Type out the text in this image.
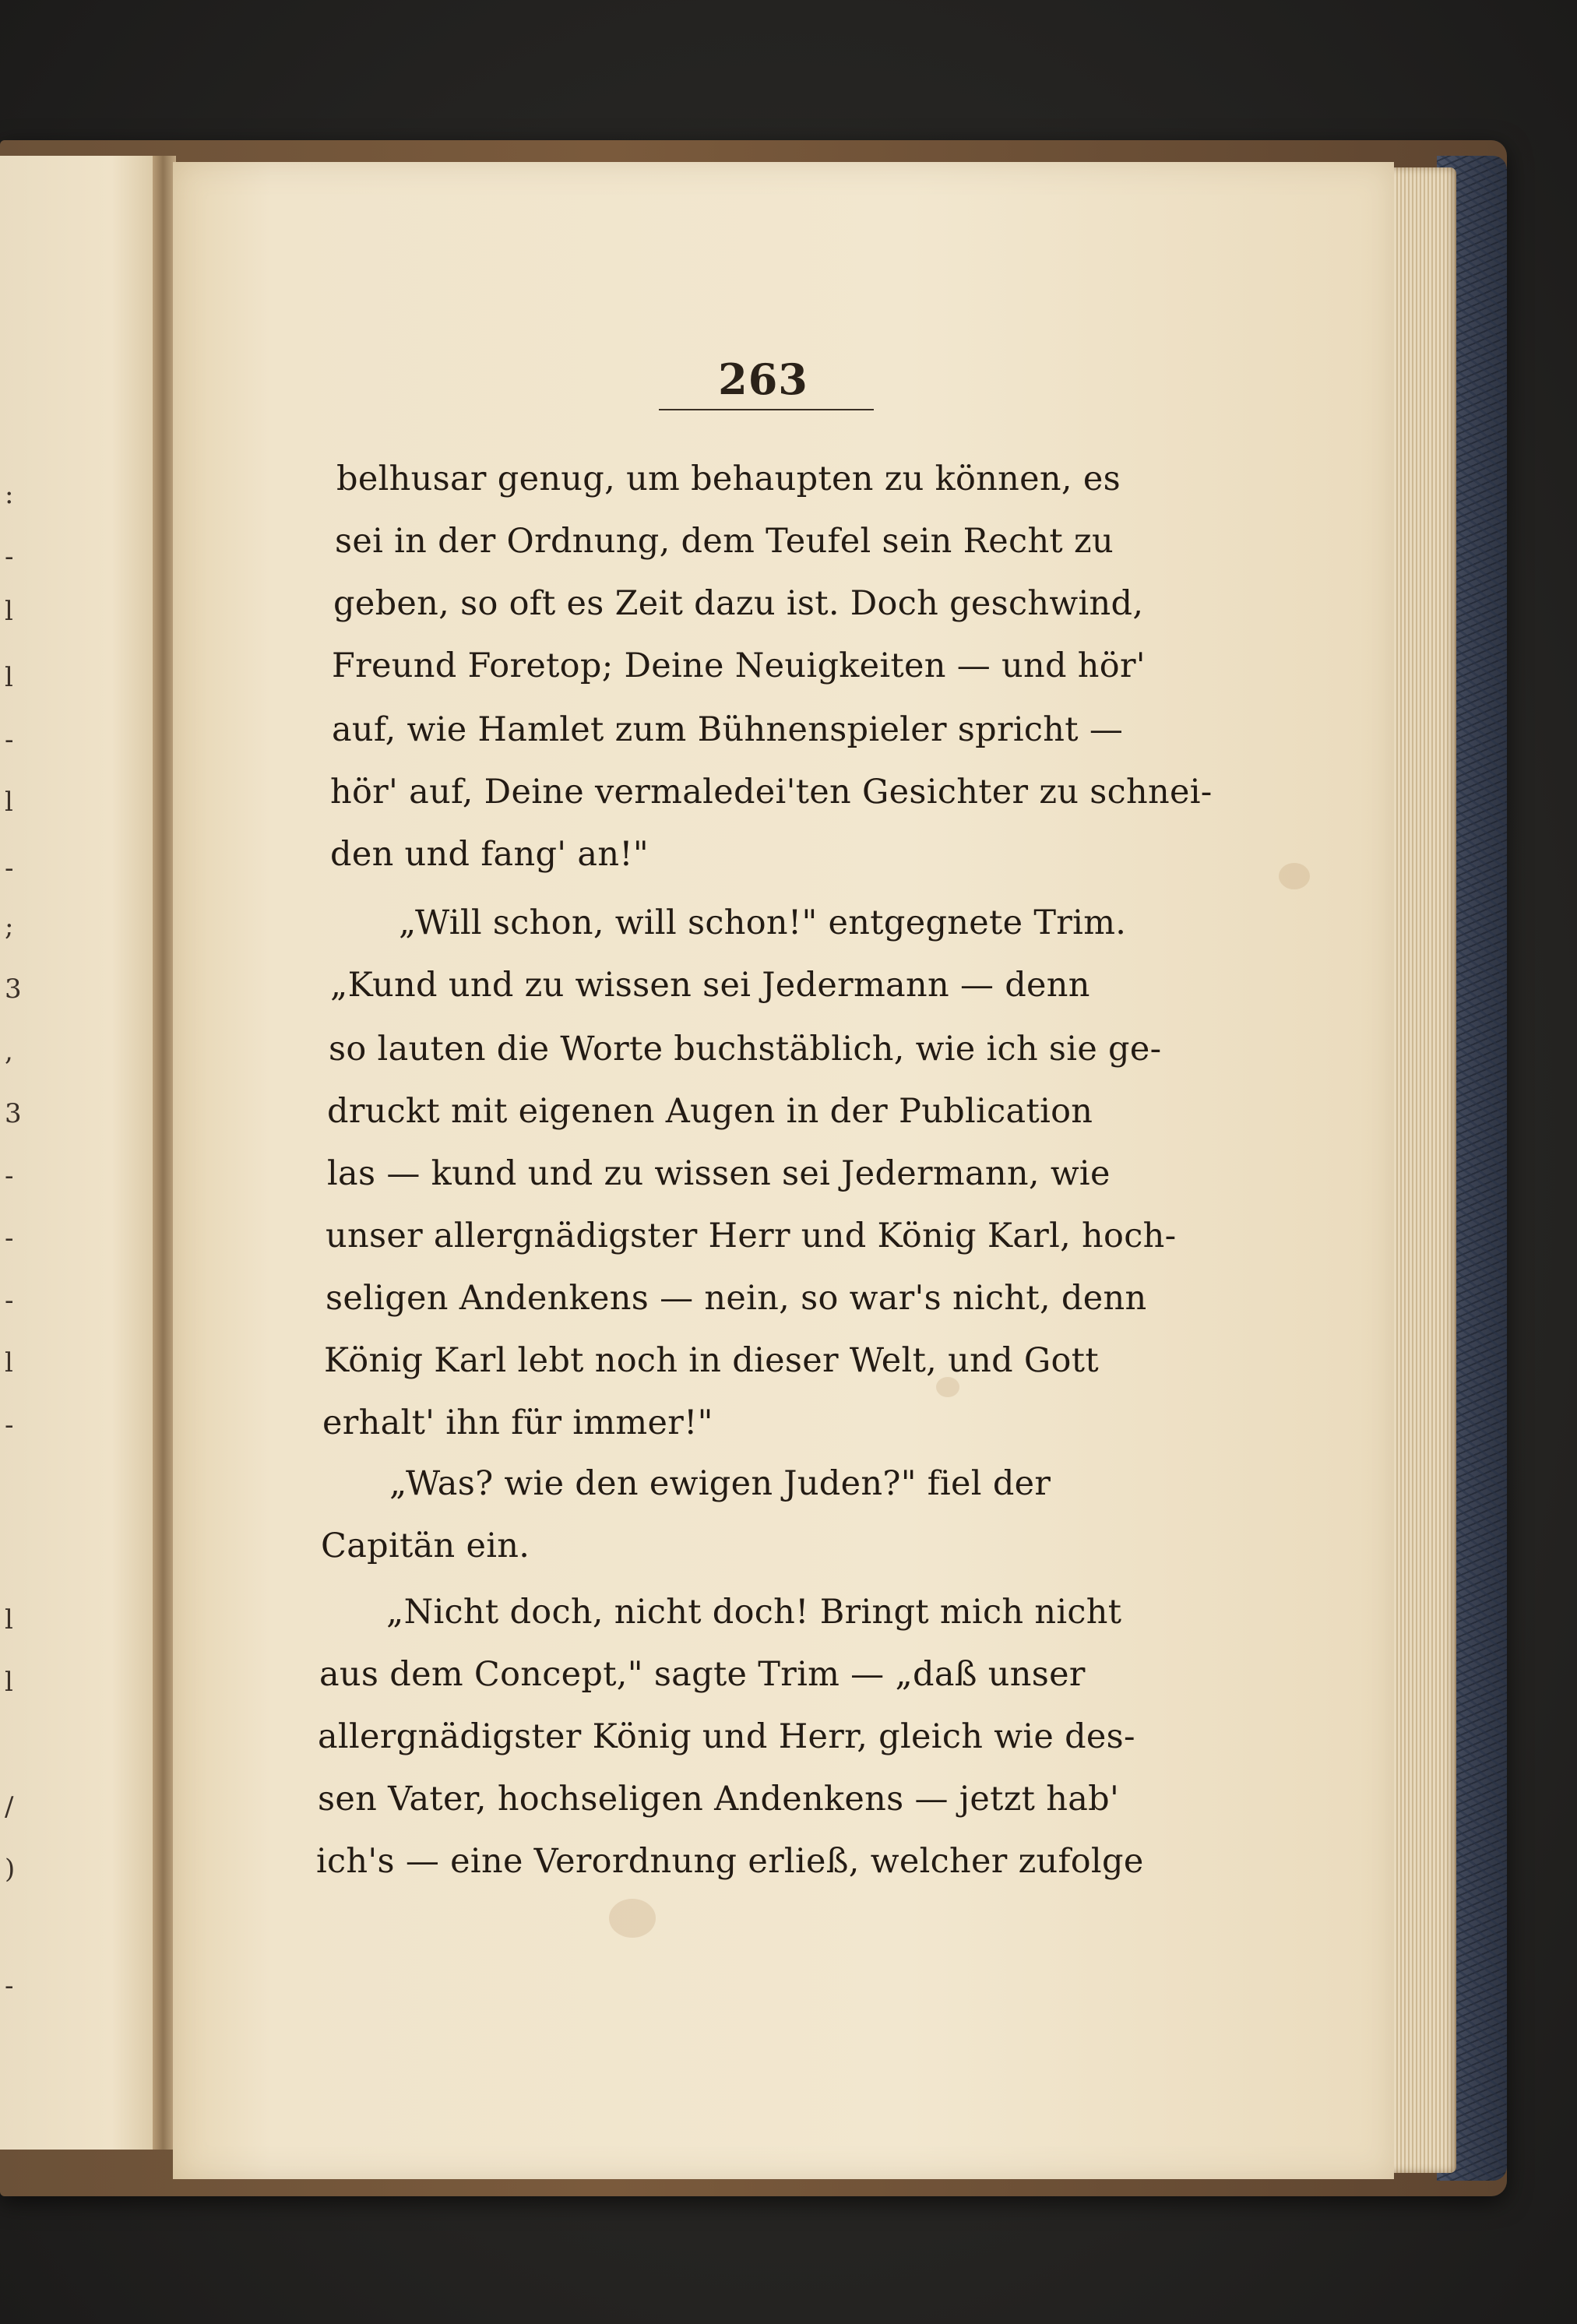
:
-
l
l
-
l
-
;
3
,
3
-
-
-
l
-
l
l
/
)
-
263
belhusar genug, um behaupten zu können, es
sei in der Ordnung, dem Teufel sein Recht zu
geben, so oft es Zeit dazu ist. Doch geschwind,
Freund Foretop; Deine Neuigkeiten — und hör'
auf, wie Hamlet zum Bühnenspieler spricht —
hör' auf, Deine vermaledei'ten Gesichter zu schnei-
den und fang' an!"
„Will schon, will schon!" entgegnete Trim.
„Kund und zu wissen sei Jedermann — denn
so lauten die Worte buchstäblich, wie ich sie ge-
druckt mit eigenen Augen in der Publication
las — kund und zu wissen sei Jedermann, wie
unser allergnädigster Herr und König Karl, hoch-
seligen Andenkens — nein, so war's nicht, denn
König Karl lebt noch in dieser Welt, und Gott
erhalt' ihn für immer!"
„Was? wie den ewigen Juden?" fiel der
Capitän ein.
„Nicht doch, nicht doch! Bringt mich nicht
aus dem Concept," sagte Trim — „daß unser
allergnädigster König und Herr, gleich wie des-
sen Vater, hochseligen Andenkens — jetzt hab'
ich's — eine Verordnung erließ, welcher zufolge
